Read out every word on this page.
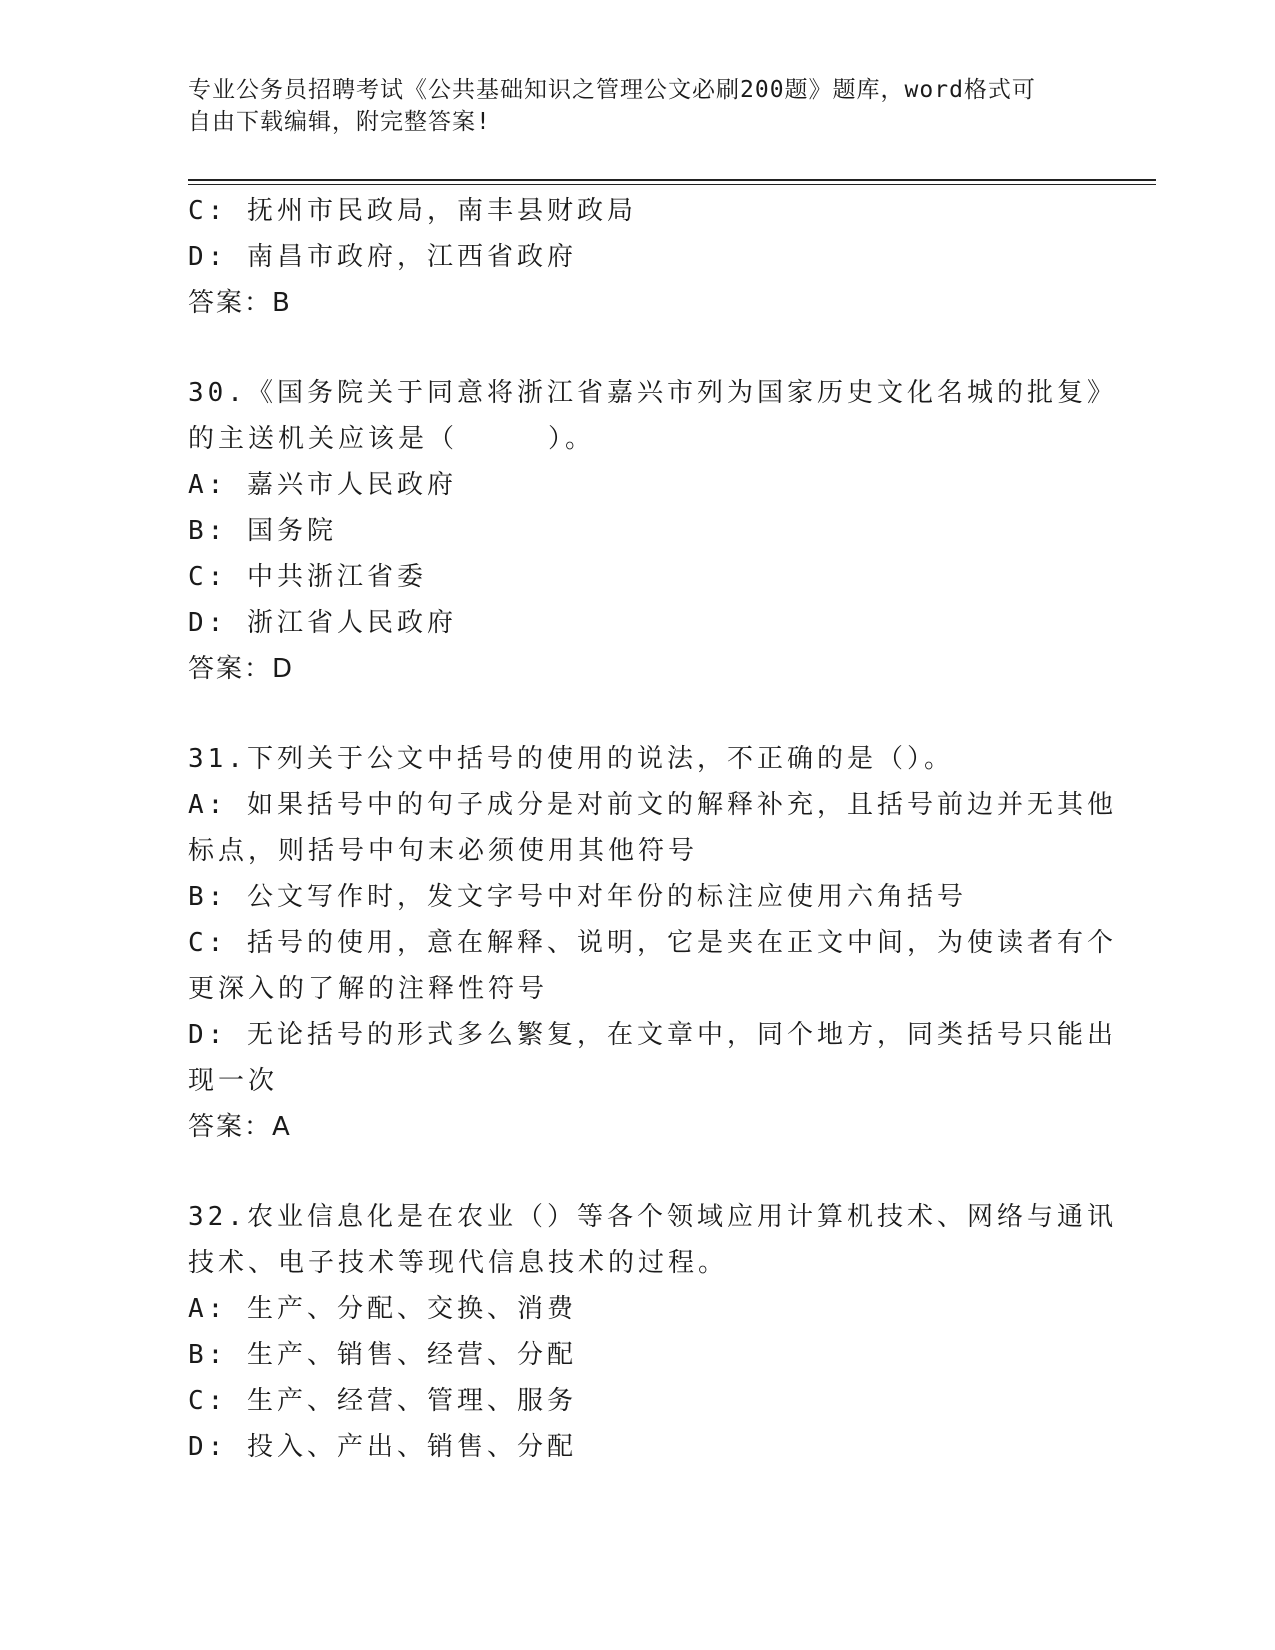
专业公务员招聘考试《公共基础知识之管理公文必刷200题》题库，word格式可
自由下载编辑，附完整答案!
C: 抚州市民政局，南丰县财政局
D: 南昌市政府，江西省政府
答案：B
30.《国务院关于同意将浙江省嘉兴市列为国家历史文化名城的批复》
的主送机关应该是（　　　）。
A: 嘉兴市人民政府
B: 国务院
C: 中共浙江省委
D: 浙江省人民政府
答案：D
31.下列关于公文中括号的使用的说法，不正确的是（）。
A: 如果括号中的句子成分是对前文的解释补充，且括号前边并无其他
标点，则括号中句末必须使用其他符号
B: 公文写作时，发文字号中对年份的标注应使用六角括号
C: 括号的使用，意在解释、说明，它是夹在正文中间，为使读者有个
更深入的了解的注释性符号
D: 无论括号的形式多么繁复，在文章中，同个地方，同类括号只能出
现一次
答案：A
32.农业信息化是在农业（）等各个领域应用计算机技术、网络与通讯
技术、电子技术等现代信息技术的过程。
A: 生产、分配、交换、消费
B: 生产、销售、经营、分配
C: 生产、经营、管理、服务
D: 投入、产出、销售、分配
